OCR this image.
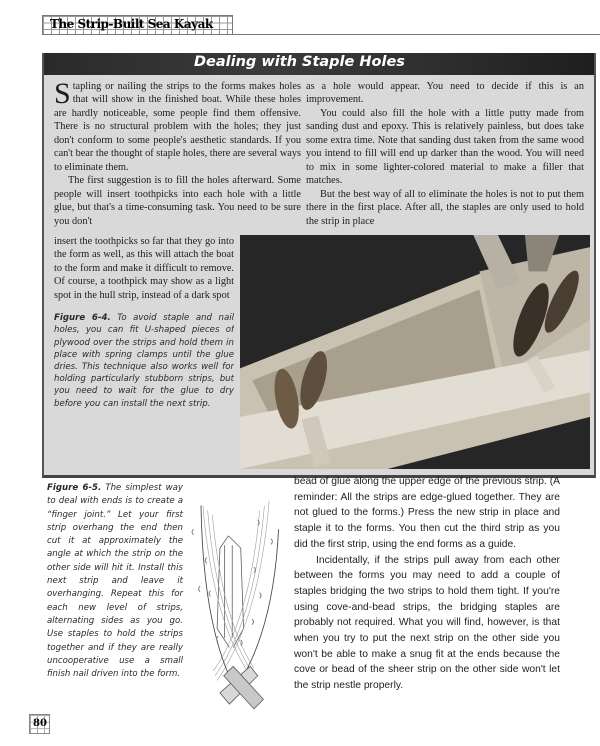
The Strip-Built Sea Kayak
Dealing with Staple Holes

Stapling or nailing the strips to the forms makes holes that will show in the finished boat. While these holes are hardly noticeable, some people find them offensive. There is no structural problem with the holes; they just don't conform to some people's aesthetic standards. If you can't bear the thought of staple holes, there are several ways to eliminate them.

The first suggestion is to fill the holes afterward. Some people will insert toothpicks into each hole with a little glue, but that's a time-consuming task. You need to be sure you don't

as a hole would appear. You need to decide if this is an improvement.

You could also fill the hole with a little putty made from sanding dust and epoxy. This is relatively painless, but does take some extra time. Note that sanding dust taken from the same wood you intend to fill will end up darker than the wood. You will need to mix in some lighter-colored material to make a filler that matches.

But the best way of all to eliminate the holes is not to put them there in the first place. After all, the staples are only used to hold the strip in place

insert the toothpicks so far that they go into the form as well, as this will attach the boat to the form and make it difficult to remove. Of course, a toothpick may show as a light spot in the hull strip, instead of a dark spot
Figure 6-4. To avoid staple and nail holes, you can fit U-shaped pieces of plywood over the strips and hold them in place with spring clamps until the glue dries. This technique also works well for holding particularly stubborn strips, but you need to wait for the glue to dry before you can install the next strip.
Figure 6-5. The simplest way to deal with ends is to create a “finger joint.” Let your first strip overhang the end then cut it at approximately the angle at which the strip on the other side will hit it. Install this next strip and leave it overhanging. Repeat this for each new level of strips, alternating sides as you go. Use staples to hold the strips together and if they are really uncooperative use a small finish nail driven into the form.

bead of glue along the upper edge of the previous strip. (A reminder: All the strips are edge-glued together. They are not glued to the forms.) Press the new strip in place and staple it to the forms. You then cut the third strip as you did the first strip, using the end forms as a guide.

Incidentally, if the strips pull away from each other between the forms you may need to add a couple of staples bridging the two strips to hold them tight. If you're using cove-and-bead strips, the bridging staples are probably not required. What you will find, however, is that when you try to put the next strip on the other side you won't be able to make a snug fit at the ends because the cove or bead of the sheer strip on the other side won't let the strip nestle properly.

80
